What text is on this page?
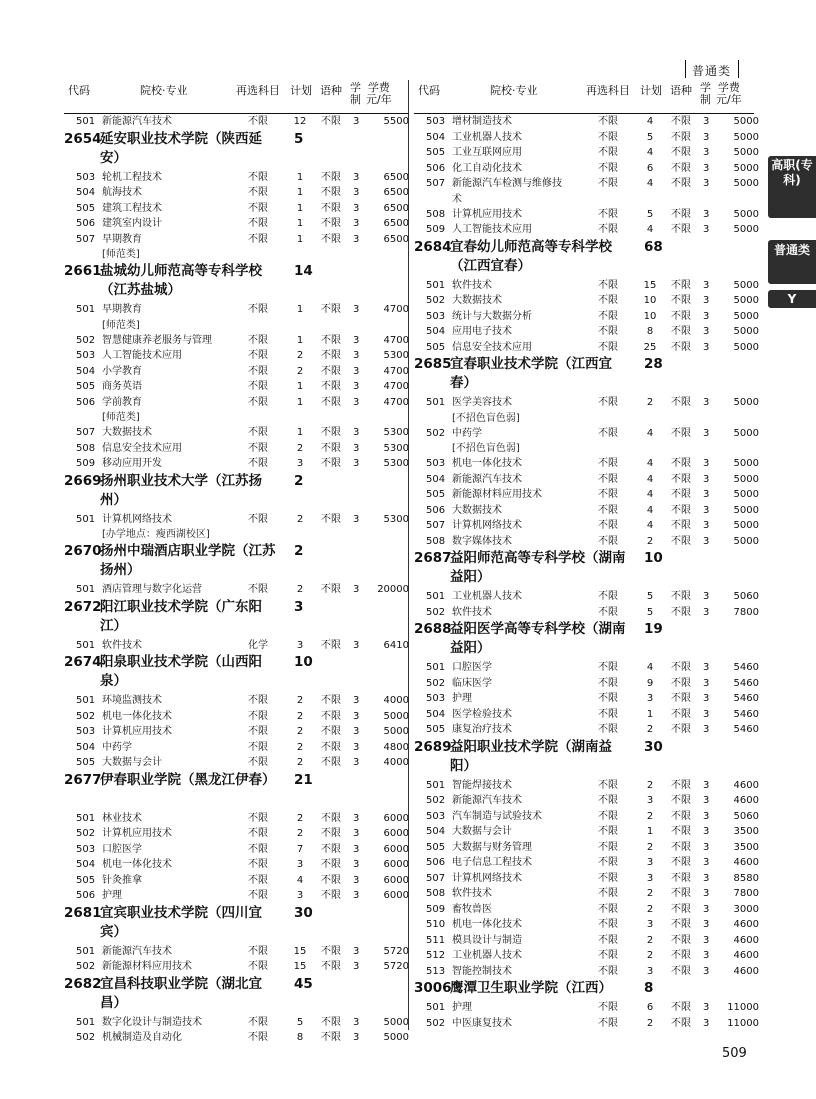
普通类
高职(专科)
普通类
Y
代码	院校·专业	再选科目 计划 语种 学
制
学费
元/年
501 新能源汽车技术	不限	12	不限 3	5500
2654
延安职业技术学院（陕西延安）
5
503 轮机工程技术	不限	1	不限 3	6500
504 航海技术	不限	1	不限 3	6500
505 建筑工程技术	不限	1	不限 3	6500
506 建筑室内设计	不限	1	不限 3	6500
507 早期教育	不限	1	不限 3	6500
[师范类]
2661
盐城幼儿师范高等专科学校（江苏盐城）
14
501 早期教育	不限	1	不限 3	4700
[师范类]
502 智慧健康养老服务与管理	不限	1	不限 3	4700
503 人工智能技术应用	不限	2	不限 3	5300
504 小学教育	不限	2	不限 3	4700
505 商务英语	不限	1	不限 3	4700
506 学前教育	不限	1	不限 3	4700
[师范类]
507 大数据技术	不限	1	不限 3	5300
508 信息安全技术应用	不限	2	不限 3	5300
509 移动应用开发	不限	3	不限 3	5300
2669
扬州职业技术大学（江苏扬州）
2
501 计算机网络技术	不限	2	不限 3	5300
[办学地点：瘦西湖校区]
2670
扬州中瑞酒店职业学院（江苏扬州）
2
501 酒店管理与数字化运营	不限	2	不限 3	20000
2672
阳江职业技术学院（广东阳江）
3
501 软件技术	化学	3	不限 3	6410
2674
阳泉职业技术学院（山西阳泉）
10
501 环境监测技术	不限	2	不限 3	4000
502 机电一体化技术	不限	2	不限 3	5000
503 计算机应用技术	不限	2	不限 3	5000
504 中药学	不限	2	不限 3	4800
505 大数据与会计	不限	2	不限 3	4000
2677
伊春职业学院（黑龙江伊春）	21
501 林业技术	不限	2	不限 3	6000
502 计算机应用技术	不限	2	不限 3	6000
503 口腔医学	不限	7	不限 3	6000
504 机电一体化技术	不限	3	不限 3	6000
505 针灸推拿	不限	4	不限 3	6000
506 护理	不限	3	不限 3	6000
2681
宜宾职业技术学院（四川宜宾）
30
501 新能源汽车技术	不限	15	不限 3	5720
502 新能源材料应用技术	不限	15	不限 3	5720
2682
宜昌科技职业学院（湖北宜昌）
45
501 数字化设计与制造技术	不限	5	不限 3	5000
502 机械制造及自动化	不限	8	不限 3	5000
代码	院校·专业	再选科目 计划 语种 学
制
学费
元/年
503 增材制造技术	不限	4	不限 3	5000
504 工业机器人技术	不限	5	不限 3	5000
505 工业互联网应用	不限	4	不限 3	5000
506 化工自动化技术	不限	6	不限 3	5000
507 新能源汽车检测与维修技	不限	4	不限 3	5000
术
508 计算机应用技术	不限	5	不限 3	5000
509 人工智能技术应用	不限	4	不限 3	5000
2684
宜春幼儿师范高等专科学校（江西宜春）
68
501 软件技术	不限	15	不限 3	5000
502 大数据技术	不限	10	不限 3	5000
503 统计与大数据分析	不限	10	不限 3	5000
504 应用电子技术	不限	8	不限 3	5000
505 信息安全技术应用	不限	25	不限 3	5000
2685
宜春职业技术学院（江西宜春）
28
501 医学美容技术	不限	2	不限 3	5000
[不招色盲色弱]
502 中药学	不限	4	不限 3	5000
[不招色盲色弱]
503 机电一体化技术	不限	4	不限 3	5000
504 新能源汽车技术	不限	4	不限 3	5000
505 新能源材料应用技术	不限	4	不限 3	5000
506 大数据技术	不限	4	不限 3	5000
507 计算机网络技术	不限	4	不限 3	5000
508 数字媒体技术	不限	2	不限 3	5000
2687
益阳师范高等专科学校（湖南益阳）
10
501 工业机器人技术	不限	5	不限 3	5060
502 软件技术	不限	5	不限 3	7800
2688
益阳医学高等专科学校（湖南益阳）
19
501 口腔医学	不限	4	不限 3	5460
502 临床医学	不限	9	不限 3	5460
503 护理	不限	3	不限 3	5460
504 医学检验技术	不限	1	不限 3	5460
505 康复治疗技术	不限	2	不限 3	5460
2689
益阳职业技术学院（湖南益阳）
30
501 智能焊接技术	不限	2	不限 3	4600
502 新能源汽车技术	不限	3	不限 3	4600
503 汽车制造与试验技术	不限	2	不限 3	5060
504 大数据与会计	不限	1	不限 3	3500
505 大数据与财务管理	不限	2	不限 3	3500
506 电子信息工程技术	不限	3	不限 3	4600
507 计算机网络技术	不限	3	不限 3	8580
508 软件技术	不限	2	不限 3	7800
509 畜牧兽医	不限	2	不限 3	3000
510 机电一体化技术	不限	3	不限 3	4600
511 模具设计与制造	不限	2	不限 3	4600
512 工业机器人技术	不限	2	不限 3	4600
513 智能控制技术	不限	3	不限 3	4600
3006
鹰潭卫生职业学院（江西）	8
501 护理	不限	6	不限 3	11000
502 中医康复技术	不限	2	不限 3	11000
509
